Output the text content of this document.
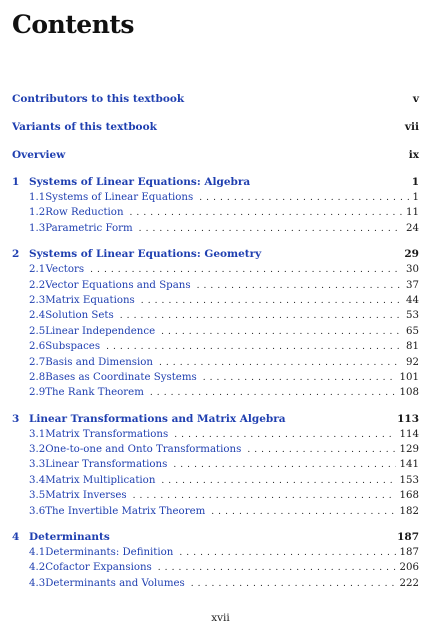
Contents
Contributors to this textbook	v
Variants of this textbook	vii
Overview	ix
1 Systems of Linear Equations: Algebra	1
1.1 Systems of Linear Equations . . .	1
1.2 Row Reduction . . .	11
1.3 Parametric Form . . .	24
2 Systems of Linear Equations: Geometry	29
2.1 Vectors . . .	30
2.2 Vector Equations and Spans . . .	37
2.3 Matrix Equations . . .	44
2.4 Solution Sets . . .	53
2.5 Linear Independence . . .	65
2.6 Subspaces . . .	81
2.7 Basis and Dimension . . .	92
2.8 Bases as Coordinate Systems . . .	101
2.9 The Rank Theorem . . .	108
3 Linear Transformations and Matrix Algebra	113
3.1 Matrix Transformations . . .	114
3.2 One-to-one and Onto Transformations . . .	129
3.3 Linear Transformations . . .	141
3.4 Matrix Multiplication . . .	153
3.5 Matrix Inverses . . .	168
3.6 The Invertible Matrix Theorem . . .	182
4 Determinants	187
4.1 Determinants: Definition . . .	187
4.2 Cofactor Expansions . . .	206
4.3 Determinants and Volumes . . .	222
xvii
